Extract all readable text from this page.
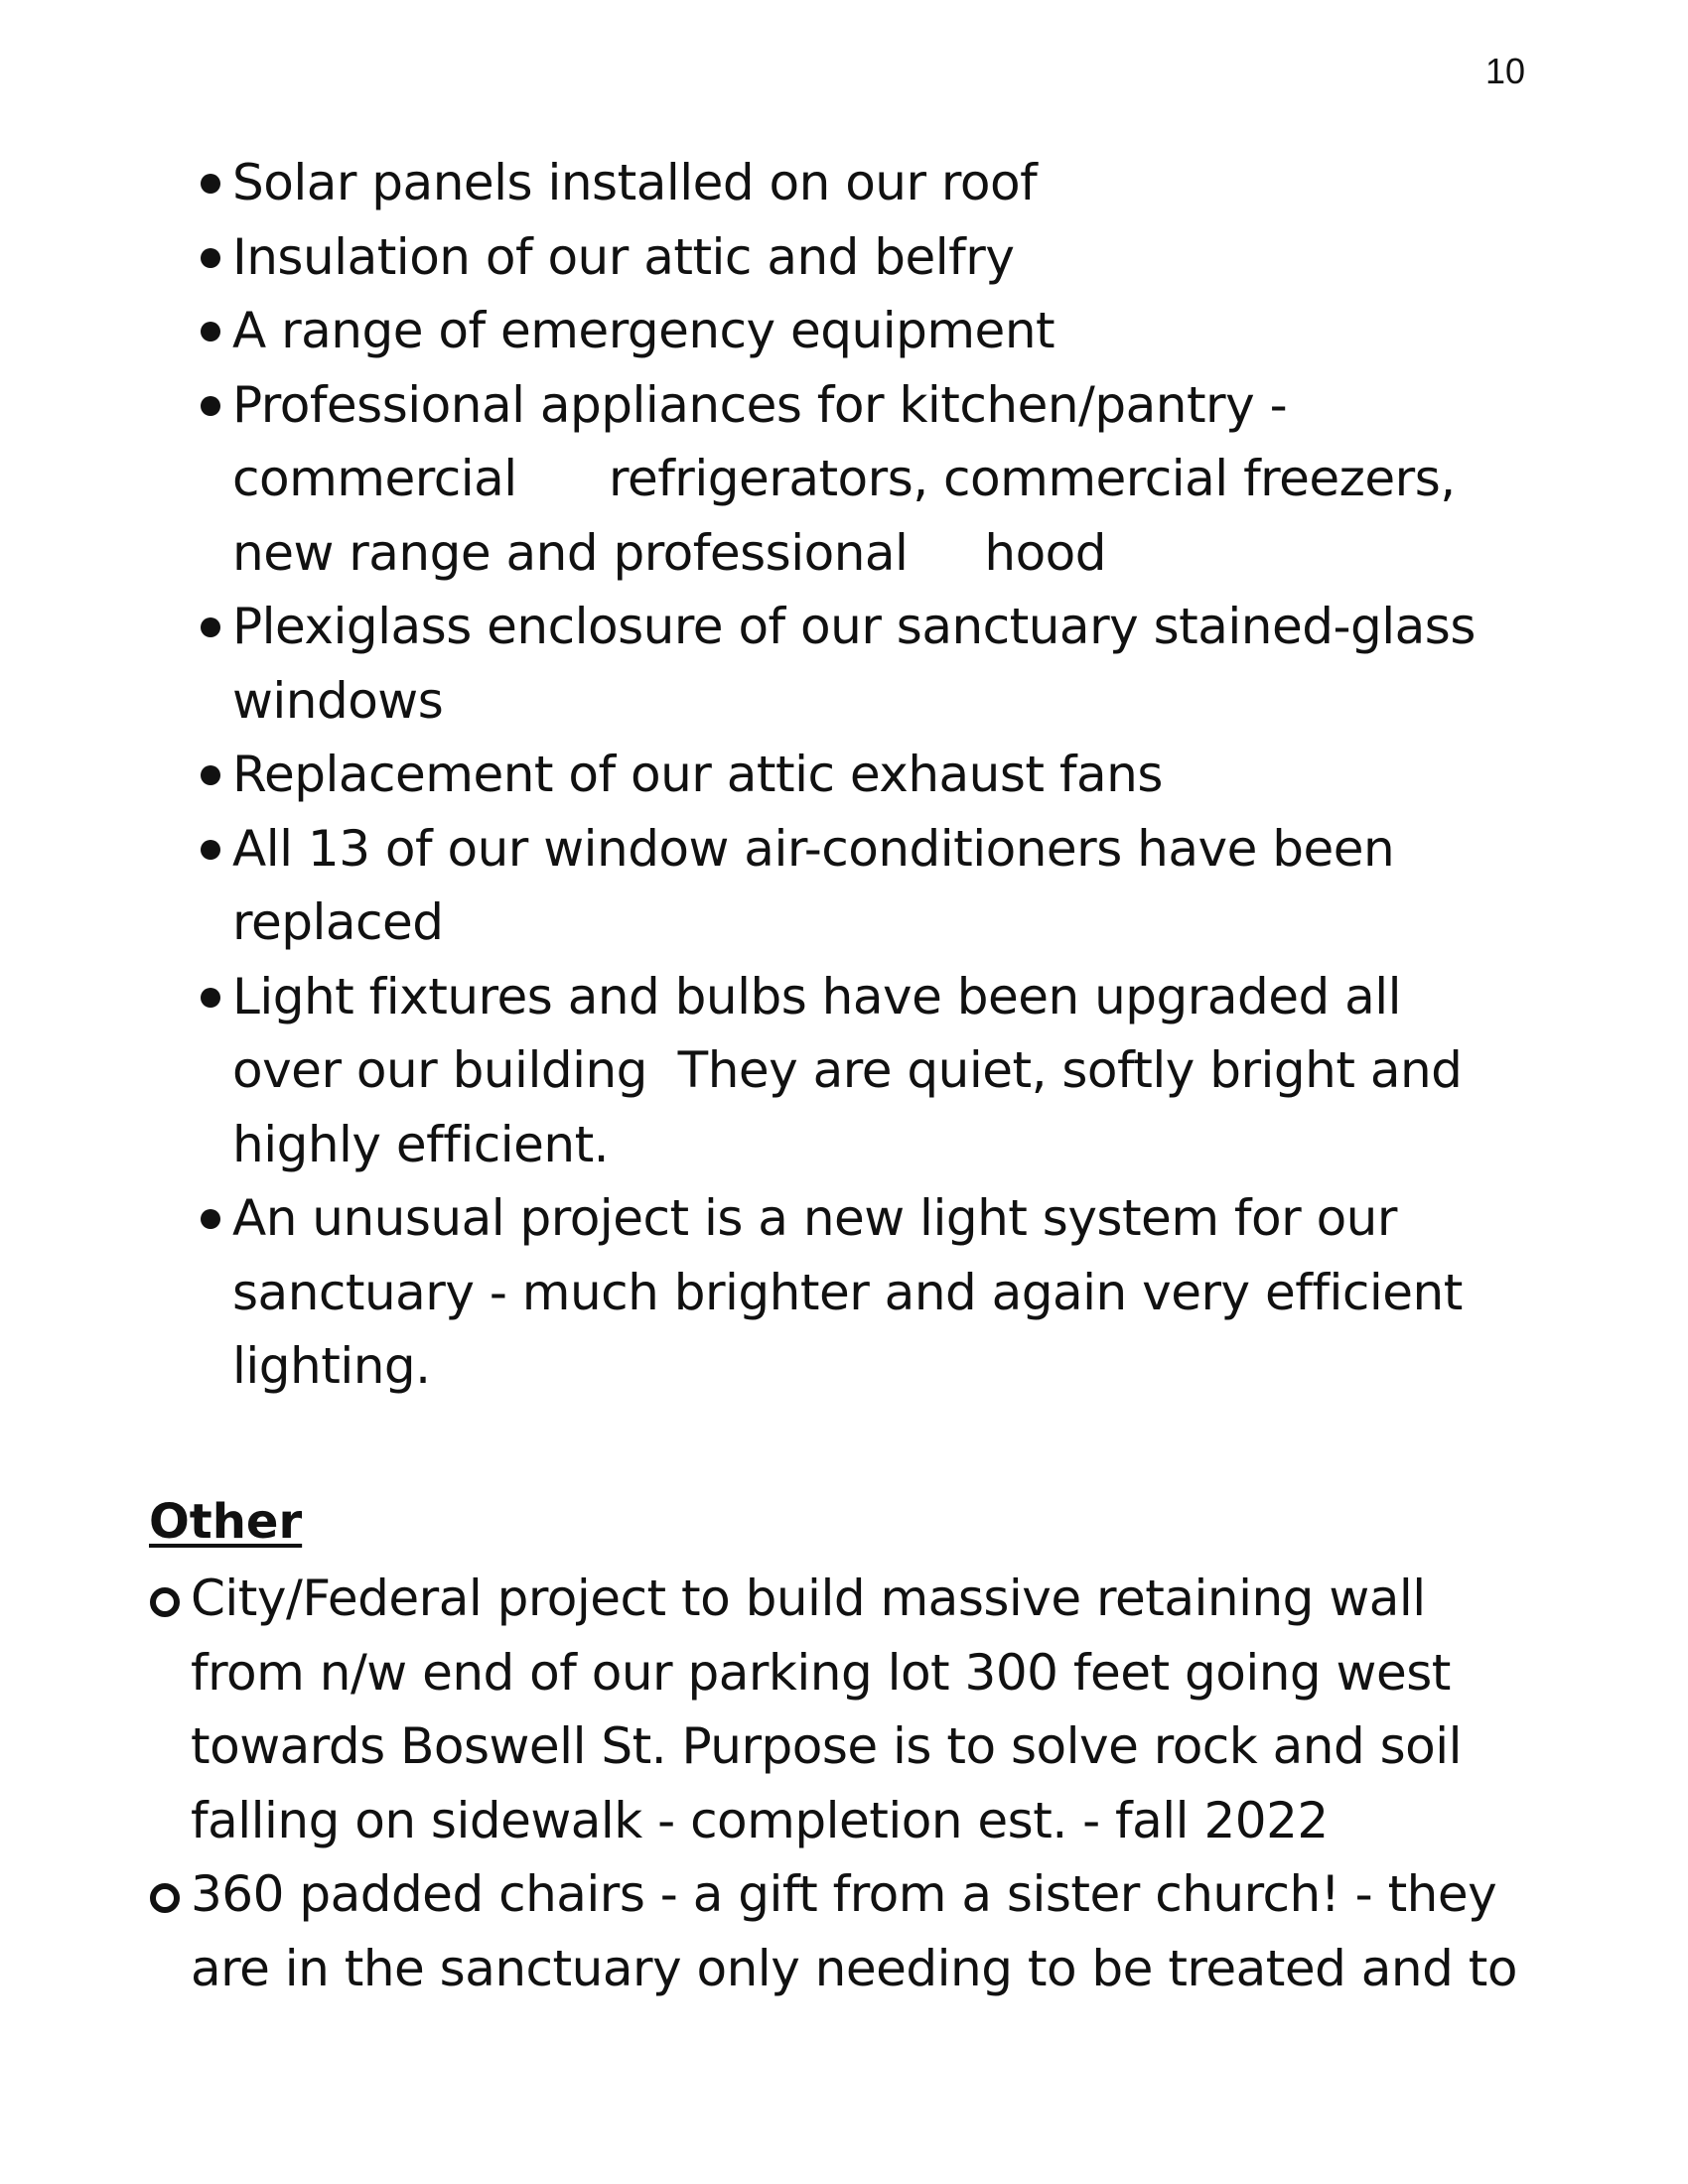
10
Solar panels installed on our roof
Insulation of our attic and belfry
A range of emergency equipment
Professional appliances for kitchen/pantry -
commercial      refrigerators, commercial freezers,
new range and professional     hood
Plexiglass enclosure of our sanctuary stained-glass
windows
Replacement of our attic exhaust fans
All 13 of our window air-conditioners have been
replaced
Light fixtures and bulbs have been upgraded all
over our building  They are quiet, softly bright and
highly efficient.
An unusual project is a new light system for our
sanctuary - much brighter and again very efficient
lighting.
Other
City/Federal project to build massive retaining wall
from n/w end of our parking lot 300 feet going west
towards Boswell St. Purpose is to solve rock and soil
falling on sidewalk - completion est. - fall 2022
360 padded chairs - a gift from a sister church! - they
are in the sanctuary only needing to be treated and to
